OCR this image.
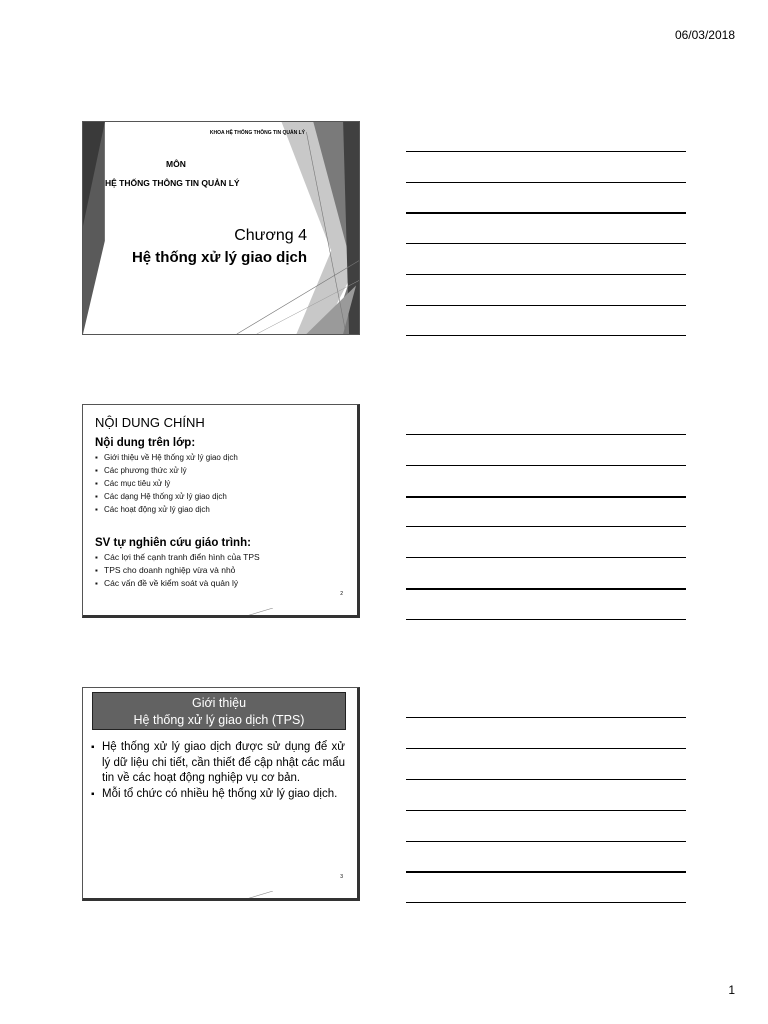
06/03/2018
KHOA HỆ THỐNG THÔNG TIN QUẢN LÝ
MÔN
HỆ THỐNG THÔNG TIN QUẢN LÝ
Chương 4
Hệ thống xử lý giao dịch
NỘI DUNG CHÍNH

Nội dung trên lớp:

▪ Giới thiệu về Hệ thống xử lý giao dịch
▪ Các phương thức xử lý
▪ Các mục tiêu xử lý
▪ Các dạng Hệ thống xử lý giao dịch
▪ Các hoạt động xử lý giao dịch

SV tự nghiên cứu giáo trình:

▪ Các lợi thế cạnh tranh điển hình của TPS
▪ TPS cho doanh nghiệp vừa và nhỏ
▪ Các vấn đề về kiểm soát và quản lý
2
Giới thiệu
Hệ thống xử lý giao dịch (TPS)
▪ Hệ thống xử lý giao dịch được sử dụng để xử lý dữ liệu chi tiết, cần thiết để cập nhật các mẩu tin về các hoạt động nghiệp vụ cơ bản.
▪ Mỗi tổ chức có nhiều hệ thống xử lý giao dịch.
3
1
